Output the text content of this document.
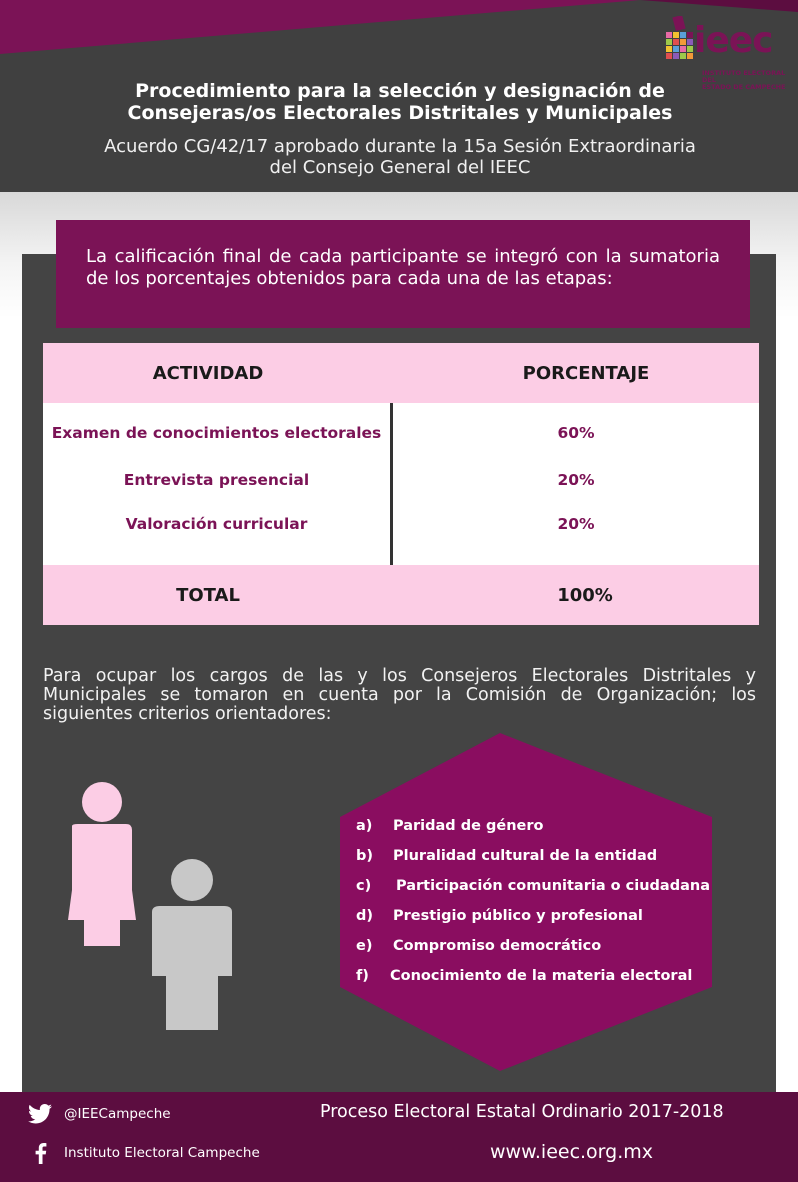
ieec
INSTITUTO ELECTORAL DEL
ESTADO DE CAMPECHE
Procedimiento para la selección y designación de
Consejeras/os Electorales Distritales y Municipales
Acuerdo CG/42/17 aprobado durante la 15a Sesión Extraordinaria
del Consejo General del IEEC

La calificación final de cada participante se integró con la sumatoria de los porcentajes obtenidos para cada una de las etapas:

ACTIVIDAD	PORCENTAJE
Examen de conocimientos electorales	60%
Entrevista presencial	20%
Valoración curricular	20%
TOTAL	100%

Para ocupar los cargos de las y los Consejeros Electorales Distritales y Municipales se tomaron en cuenta por la Comisión de Organización; los siguientes criterios orientadores:

a) Paridad de género
b) Pluralidad cultural de la entidad
c) Participación comunitaria o ciudadana
d) Prestigio público y profesional
e) Compromiso democrático
f) Conocimiento de la materia electoral
@IEECampeche
Instituto Electoral Campeche
Proceso Electoral Estatal Ordinario 2017-2018
www.ieec.org.mx
